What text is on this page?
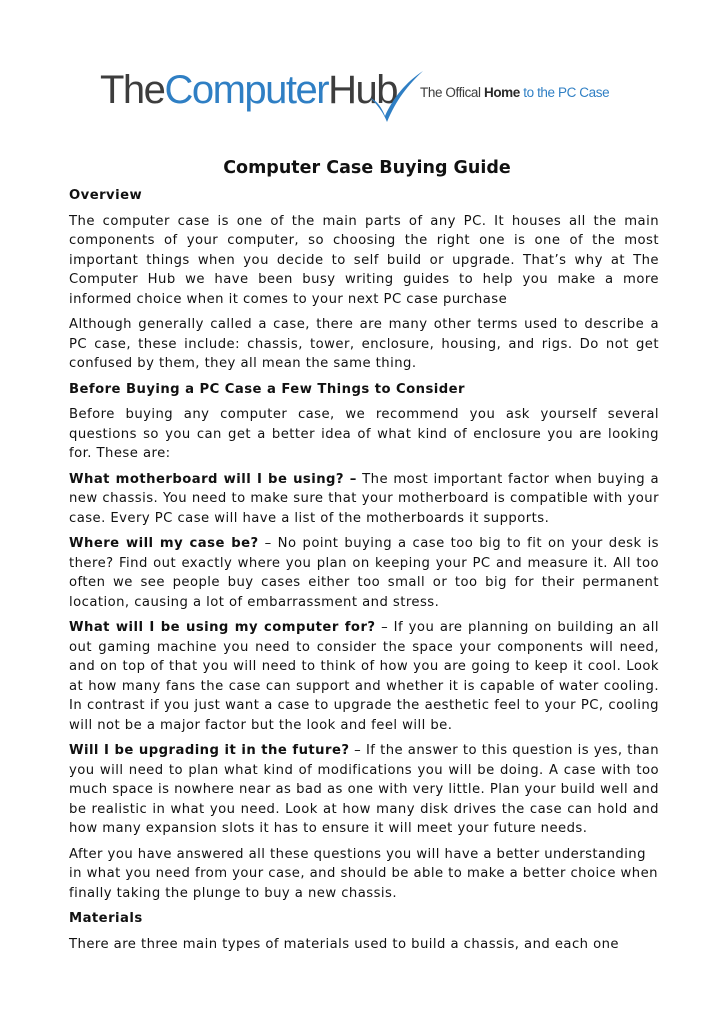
TheComputerHub The Offical Home to the PC Case
Computer Case Buying Guide
Overview

The computer case is one of the main parts of any PC. It houses all the main components of your computer, so choosing the right one is one of the most important things when you decide to self build or upgrade. That’s why at The Computer Hub we have been busy writing guides to help you make a more informed choice when it comes to your next PC case purchase

Although generally called a case, there are many other terms used to describe a PC case, these include: chassis, tower, enclosure, housing, and rigs. Do not get confused by them, they all mean the same thing.

Before Buying a PC Case a Few Things to Consider

Before buying any computer case, we recommend you ask yourself several questions so you can get a better idea of what kind of enclosure you are looking for. These are:

What motherboard will I be using? – The most important factor when buying a new chassis. You need to make sure that your motherboard is compatible with your case. Every PC case will have a list of the motherboards it supports.

Where will my case be? – No point buying a case too big to fit on your desk is there? Find out exactly where you plan on keeping your PC and measure it. All too often we see people buy cases either too small or too big for their permanent location, causing a lot of embarrassment and stress.

What will I be using my computer for? – If you are planning on building an all out gaming machine you need to consider the space your components will need, and on top of that you will need to think of how you are going to keep it cool. Look at how many fans the case can support and whether it is capable of water cooling. In contrast if you just want a case to upgrade the aesthetic feel to your PC, cooling will not be a major factor but the look and feel will be.

Will I be upgrading it in the future? – If the answer to this question is yes, than you will need to plan what kind of modifications you will be doing. A case with too much space is nowhere near as bad as one with very little. Plan your build well and be realistic in what you need. Look at how many disk drives the case can hold and how many expansion slots it has to ensure it will meet your future needs.

After you have answered all these questions you will have a better understanding in what you need from your case, and should be able to make a better choice when finally taking the plunge to buy a new chassis.

Materials

There are three main types of materials used to build a chassis, and each one
